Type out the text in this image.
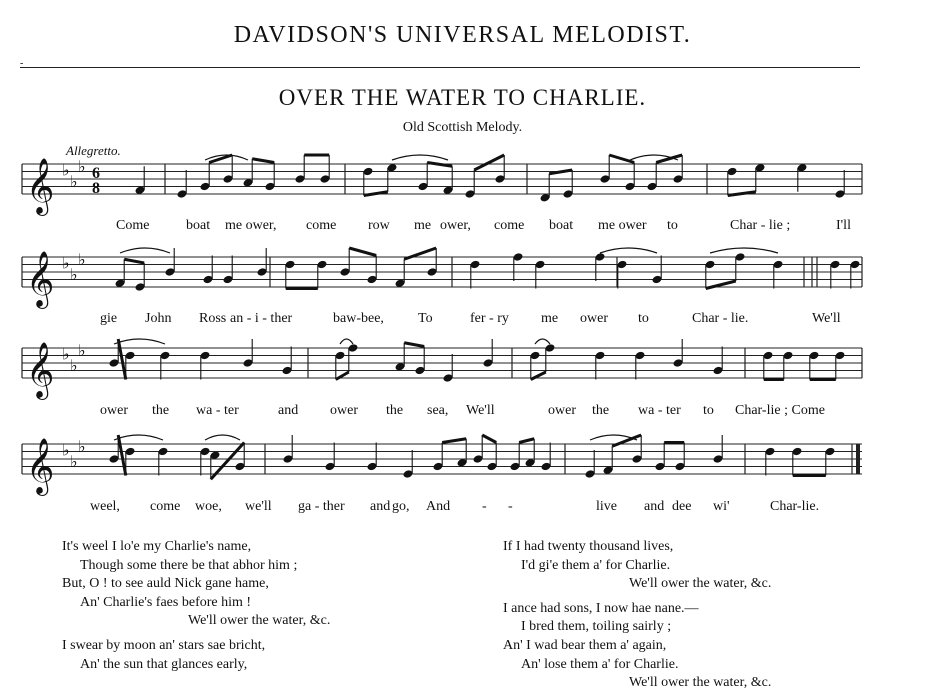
DAVIDSON'S UNIVERSAL MELODIST.
-
OVER THE WATER TO CHARLIE.
Old Scottish Melody.
Allegretto.
𝄞 ♭
♭
♭ 6
8
𝄞 ♭
♭
♭
𝄞 ♭
♭
♭
𝄞 ♭
♭
♭
Come	boat me ower, come row me ower, come boat me ower to	Char - lie ;	I'll
gie John Ross an - i - ther	baw-bee, To	fer - ry me ower to	Char - lie.	We'll
ower the wa - ter	and ower the sea, We'll	ower the wa - ter to Char-lie ; Come
weel, come woe, we'll ga - ther and go, And - -	live and dee wi'	Char-lie.
It's weel I lo'e my Charlie's name,
Though some there be that abhor him ;
But, O ! to see auld Nick gane hame,
An' Charlie's faes before him !
We'll ower the water, &c.
I swear by moon an' stars sae bricht,
An' the sun that glances early,
If I had twenty thousand lives,
I'd gi'e them a' for Charlie.
We'll ower the water, &c.
I ance had sons, I now hae nane.—
I bred them, toiling sairly ;
An' I wad bear them a' again,
An' lose them a' for Charlie.
We'll ower the water, &c.
